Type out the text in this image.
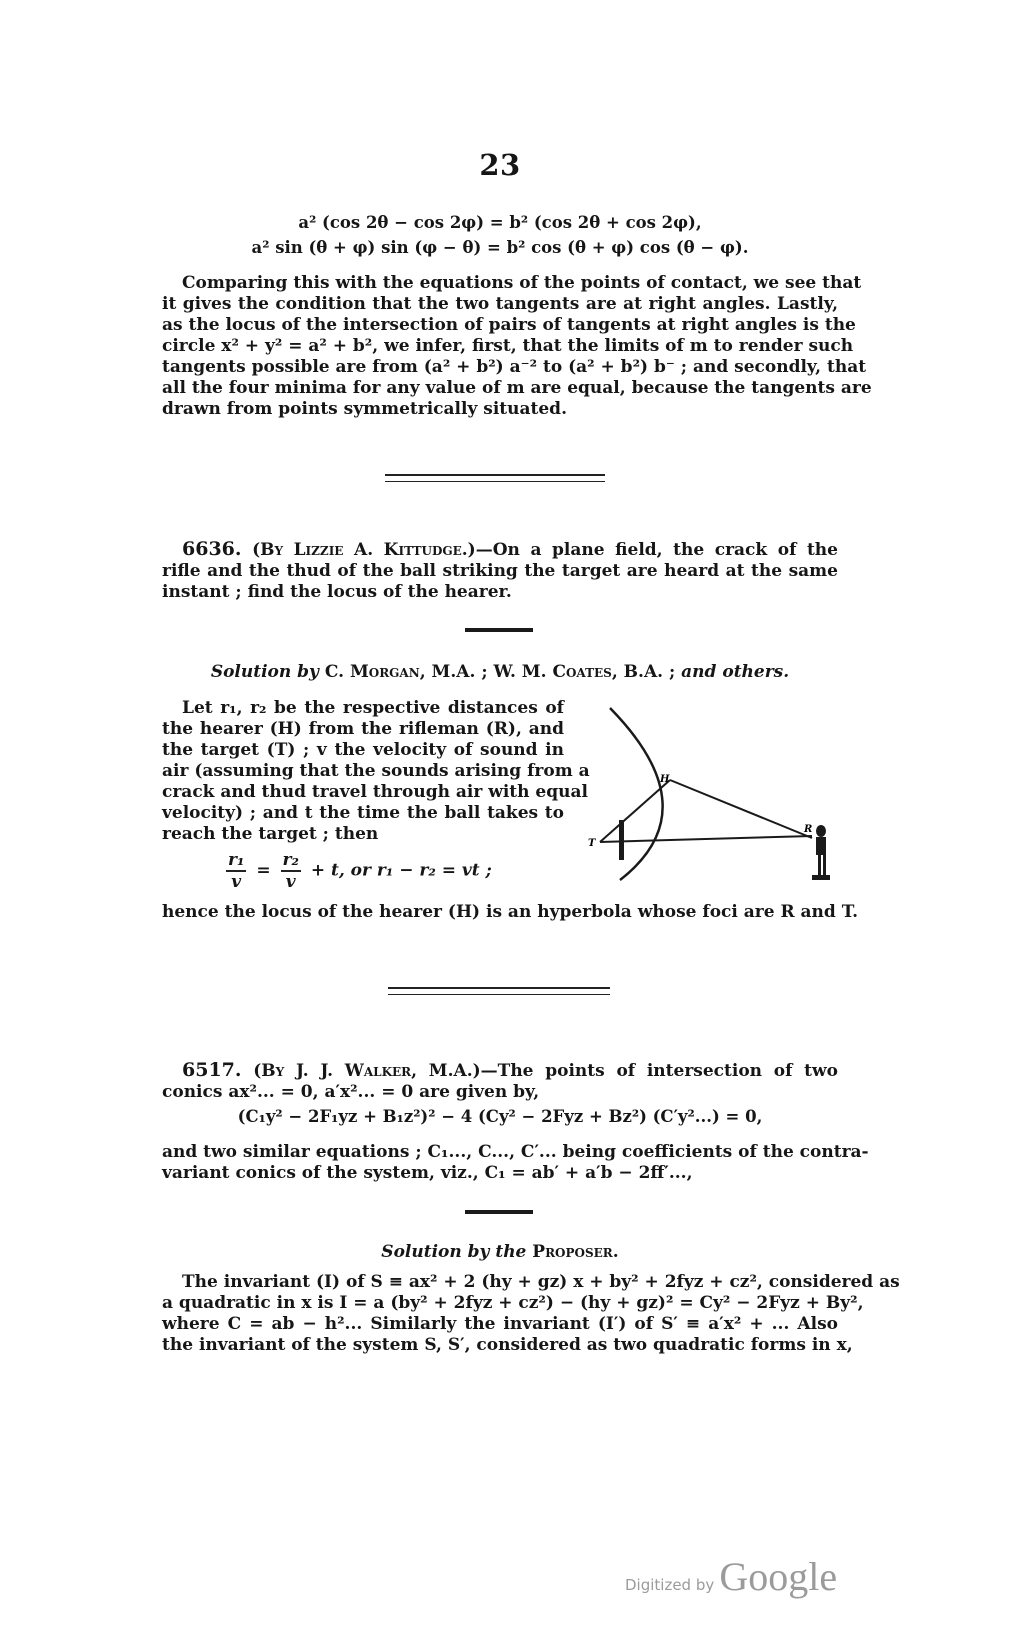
23
a² (cos 2θ − cos 2φ) = b² (cos 2θ + cos 2φ),
a² sin (θ + φ) sin (φ − θ) = b² cos (θ + φ) cos (θ − φ).
Comparing this with the equations of the points of contact, we see that
it gives the condition that the two tangents are at right angles. Lastly,
as the locus of the intersection of pairs of tangents at right angles is the
circle x² + y² = a² + b², we infer, first, that the limits of m to render such
tangents possible are from (a² + b²) a⁻² to (a² + b²) b⁻ ; and secondly, that
all the four minima for any value of m are equal, because the tangents are
drawn from points symmetrically situated.
6636. (By Lizzie A. Kittudge.)—On a plane field, the crack of the
rifle and the thud of the ball striking the target are heard at the same
instant ; find the locus of the hearer.
Solution by C. Morgan, M.A. ; W. M. Coates, B.A. ; and others.
Let r₁, r₂ be the respective distances of
the hearer (H) from the rifleman (R), and
the target (T) ; v the velocity of sound in
air (assuming that the sounds arising from a
crack and thud travel through air with equal
velocity) ; and t the time the ball takes to
reach the target ; then
$\frac{\text{r₁}}{v} = \frac{\text{r₂}}{v} + t$, or r₁ − r₂ = vt ;
H
T
R
hence the locus of the hearer (H) is an hyperbola whose foci are R and T.
6517. (By J. J. Walker, M.A.)—The points of intersection of two
conics ax²... = 0, a′x²... = 0 are given by,
(C₁y² − 2F₁yz + B₁z²)² − 4 (Cy² − 2Fyz + Bz²) (C′y²...) = 0,
and two similar equations ; C₁..., C..., C′... being coefficients of the contra-
variant conics of the system, viz., C₁ = ab′ + a′b − 2ff′...,
Solution by the Proposer.
The invariant (I) of S ≡ ax² + 2 (hy + gz) x + by² + 2fyz + cz², considered as
a quadratic in x is I = a (by² + 2fyz + cz²) − (hy + gz)² = Cy² − 2Fyz + By²,
where C = ab − h²... Similarly the invariant (I′) of S′ ≡ a′x² + ... Also
the invariant of the system S, S′, considered as two quadratic forms in x,
Digitized by Google
